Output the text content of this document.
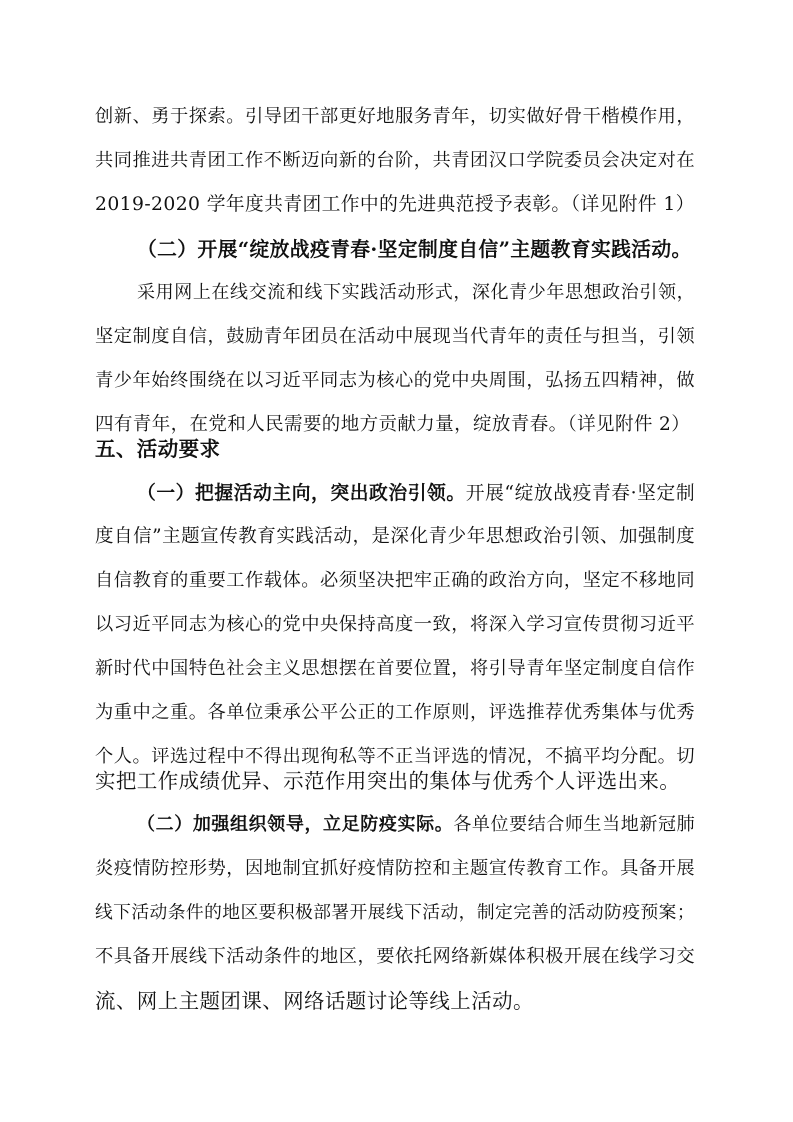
创新、勇于探索。引导团干部更好地服务青年，切实做好骨干楷模作用，
共同推进共青团工作不断迈向新的台阶，共青团汉口学院委员会决定对在
2019-2020 学年度共青团工作中的先进典范授予表彰。（详见附件 1）
（二）开展“绽放战疫青春·坚定制度自信”主题教育实践活动。
采用网上在线交流和线下实践活动形式，深化青少年思想政治引领，
坚定制度自信，鼓励青年团员在活动中展现当代青年的责任与担当，引领
青少年始终围绕在以习近平同志为核心的党中央周围，弘扬五四精神，做
四有青年，在党和人民需要的地方贡献力量，绽放青春。（详见附件 2）
五、活动要求
（一）把握活动主向，突出政治引领。开展“绽放战疫青春·坚定制
度自信”主题宣传教育实践活动，是深化青少年思想政治引领、加强制度
自信教育的重要工作载体。必须坚决把牢正确的政治方向，坚定不移地同
以习近平同志为核心的党中央保持高度一致，将深入学习宣传贯彻习近平
新时代中国特色社会主义思想摆在首要位置，将引导青年坚定制度自信作
为重中之重。各单位秉承公平公正的工作原则，评选推荐优秀集体与优秀
个人。评选过程中不得出现徇私等不正当评选的情况，不搞平均分配。切
实把工作成绩优异、示范作用突出的集体与优秀个人评选出来。
（二）加强组织领导，立足防疫实际。各单位要结合师生当地新冠肺
炎疫情防控形势，因地制宜抓好疫情防控和主题宣传教育工作。具备开展
线下活动条件的地区要积极部署开展线下活动，制定完善的活动防疫预案；
不具备开展线下活动条件的地区，要依托网络新媒体积极开展在线学习交
流、网上主题团课、网络话题讨论等线上活动。
